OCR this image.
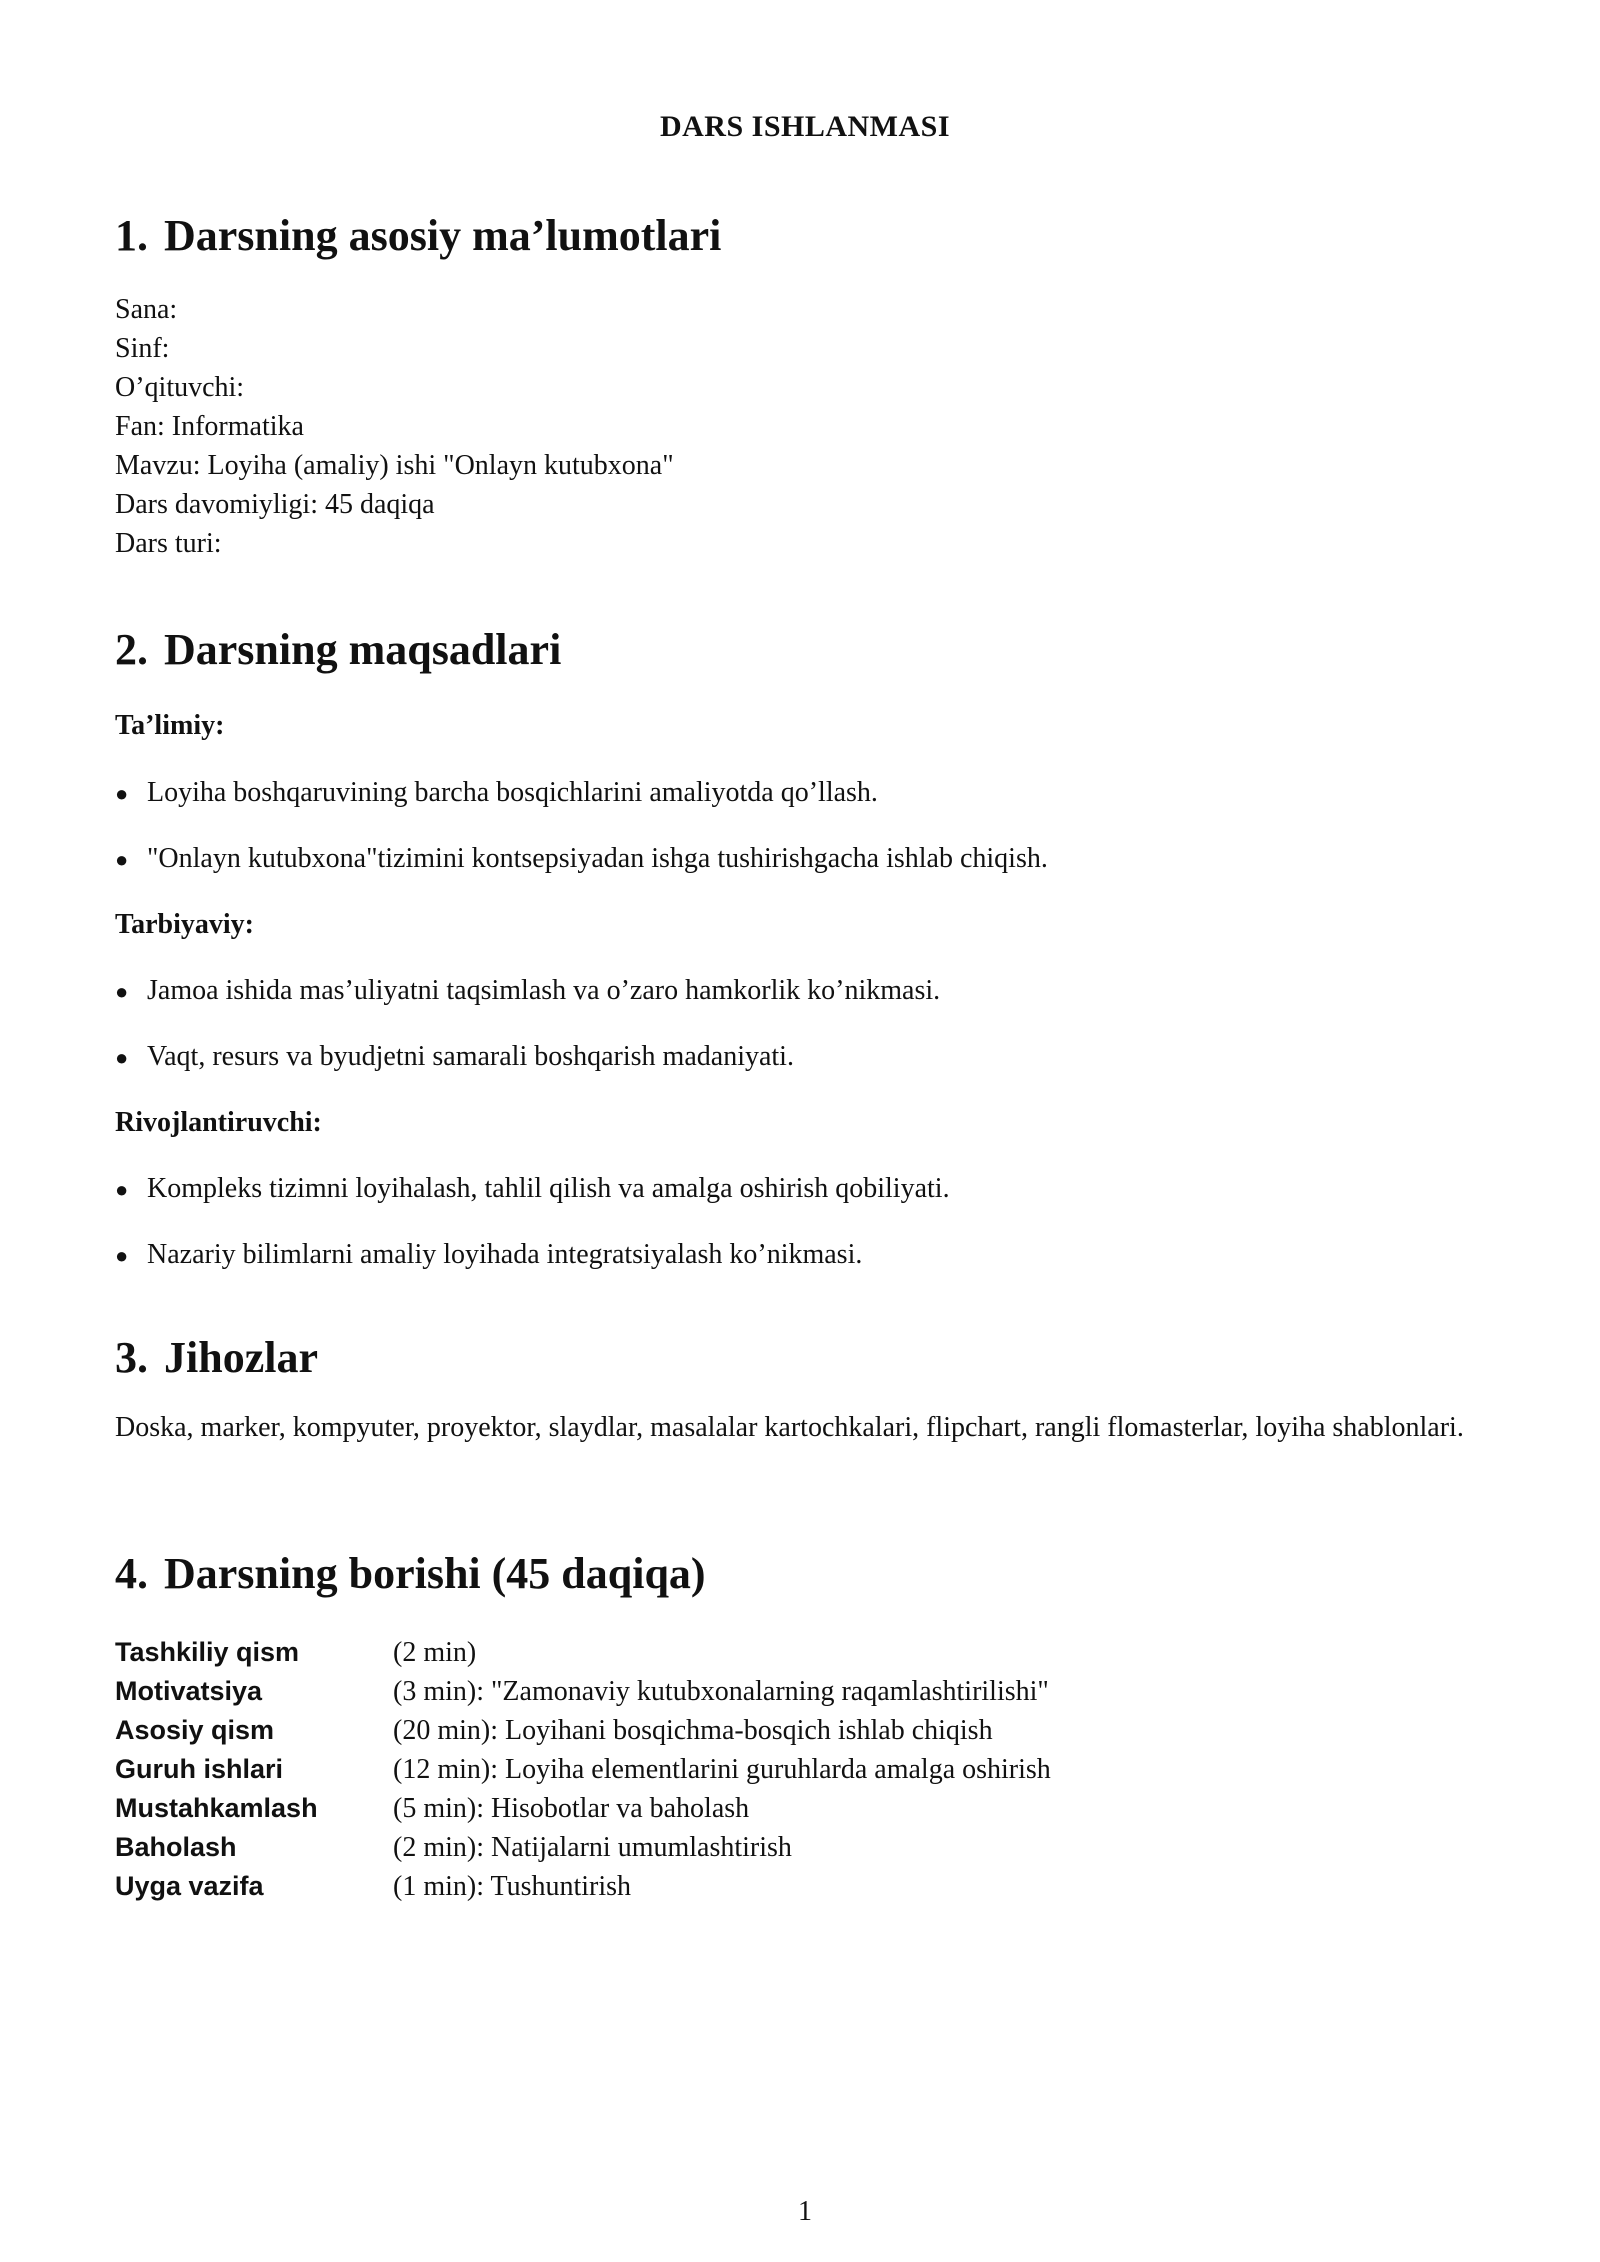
DARS ISHLANMASI
1. Darsning asosiy ma’lumotlari
Sana:
Sinf:
O’qituvchi:
Fan: Informatika
Mavzu: Loyiha (amaliy) ishi "Onlayn kutubxona"
Dars davomiyligi: 45 daqiqa
Dars turi:
2. Darsning maqsadlari
Ta’limiy:
● Loyiha boshqaruvining barcha bosqichlarini amaliyotda qo’llash.
● "Onlayn kutubxona"tizimini kontsepsiyadan ishga tushirishgacha ishlab chiqish.
Tarbiyaviy:
● Jamoa ishida mas’uliyatni taqsimlash va o’zaro hamkorlik ko’nikmasi.
● Vaqt, resurs va byudjetni samarali boshqarish madaniyati.
Rivojlantiruvchi:
● Kompleks tizimni loyihalash, tahlil qilish va amalga oshirish qobiliyati.
● Nazariy bilimlarni amaliy loyihada integratsiyalash ko’nikmasi.
3. Jihozlar
Doska, marker, kompyuter, proyektor, slaydlar, masalalar kartochkalari, flipchart, rangli flomasterlar, loyiha shablonlari.
4. Darsning borishi (45 daqiqa)
Tashkiliy qism	(2 min)
Motivatsiya	(3 min): "Zamonaviy kutubxonalarning raqamlashtirilishi"
Asosiy qism	(20 min): Loyihani bosqichma-bosqich ishlab chiqish
Guruh ishlari	(12 min): Loyiha elementlarini guruhlarda amalga oshirish
Mustahkamlash	(5 min): Hisobotlar va baholash
Baholash	(2 min): Natijalarni umumlashtirish
Uyga vazifa	(1 min): Tushuntirish
1
